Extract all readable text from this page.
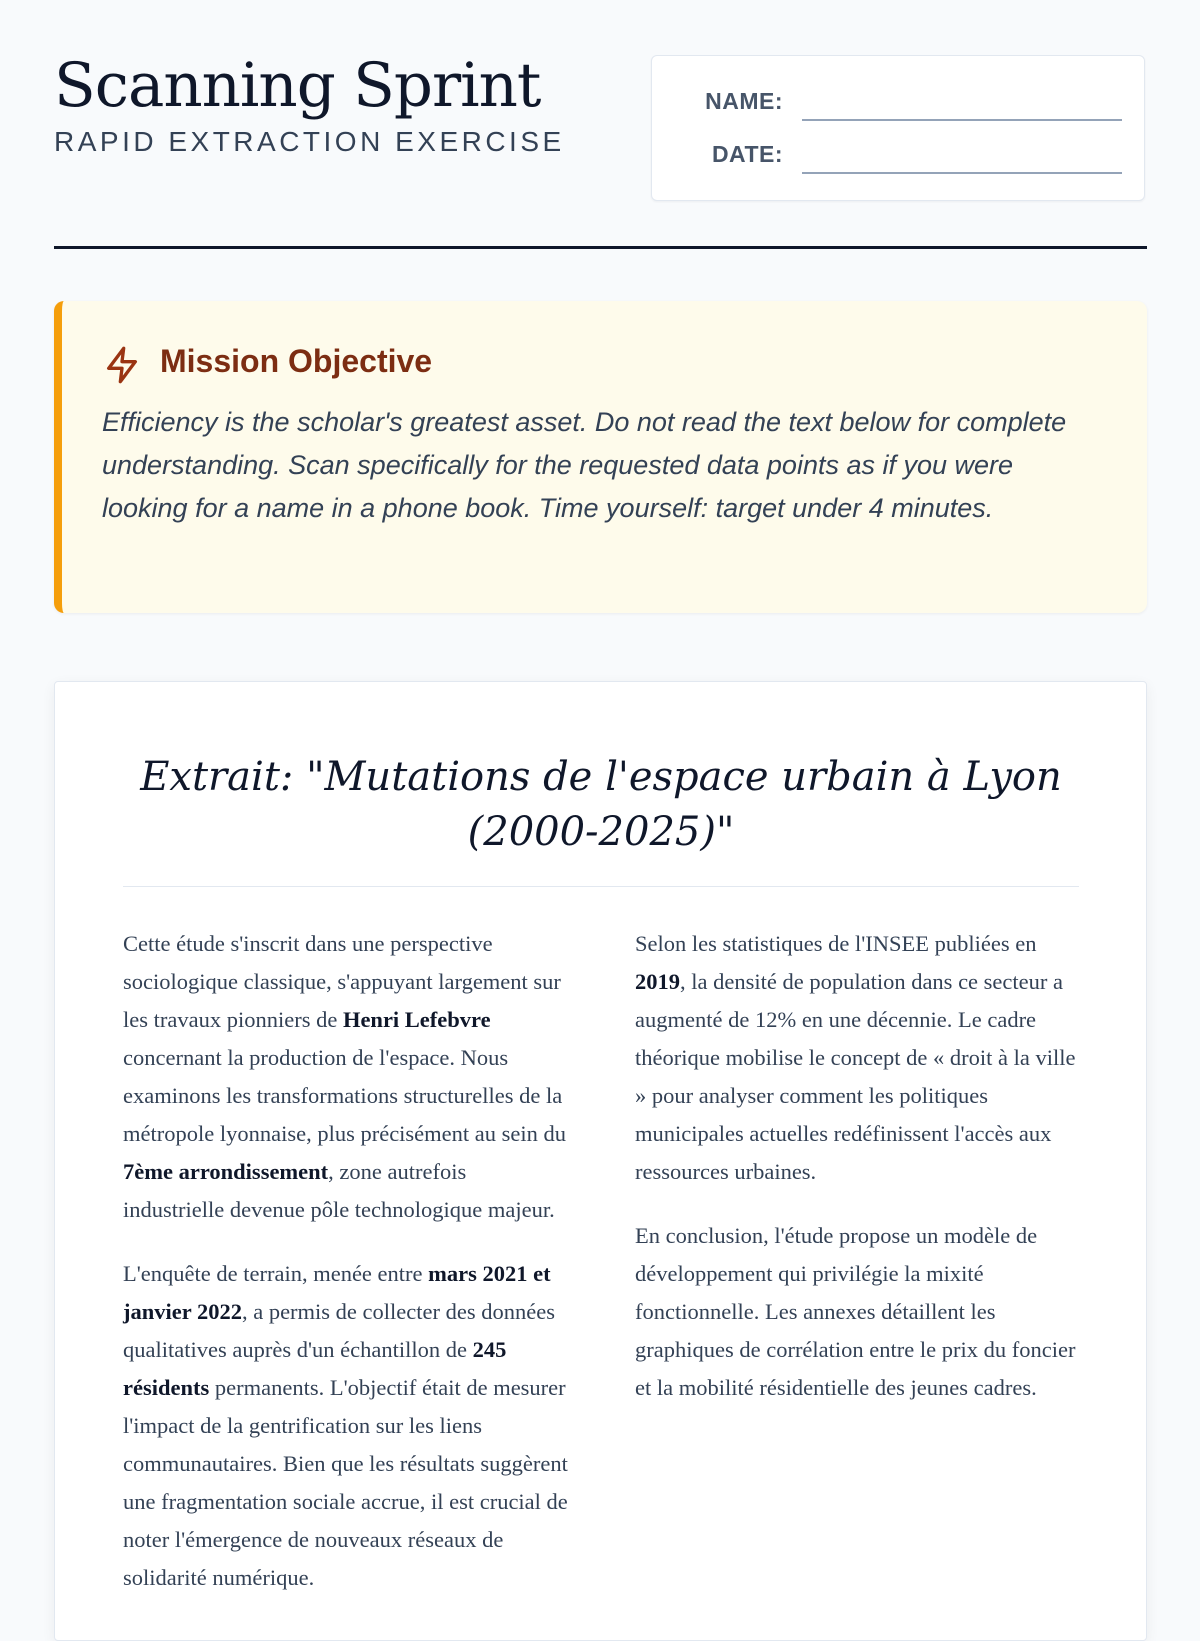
Scanning Sprint
RAPID EXTRACTION EXERCISE
NAME:
DATE:
Mission Objective

Efficiency is the scholar's greatest asset. Do not read the text below for complete understanding. Scan specifically for the requested data points as if you were looking for a name in a phone book. Time yourself: target under 4 minutes.

Extrait: "Mutations de l'espace urbain à Lyon (2000-2025)"

Cette étude s'inscrit dans une perspective sociologique classique, s'appuyant largement sur les travaux pionniers de Henri Lefebvre concernant la production de l'espace. Nous examinons les transformations structurelles de la métropole lyonnaise, plus précisément au sein du 7ème arrondissement, zone autrefois industrielle devenue pôle technologique majeur.

L'enquête de terrain, menée entre mars 2021 et janvier 2022, a permis de collecter des données qualitatives auprès d'un échantillon de 245 résidents permanents. L'objectif était de mesurer l'impact de la gentrification sur les liens communautaires. Bien que les résultats suggèrent une fragmentation sociale accrue, il est crucial de noter l'émergence de nouveaux réseaux de solidarité numérique.

Selon les statistiques de l'INSEE publiées en 2019, la densité de population dans ce secteur a augmenté de 12% en une décennie. Le cadre théorique mobilise le concept de « droit à la ville » pour analyser comment les politiques municipales actuelles redéfinissent l'accès aux ressources urbaines.

En conclusion, l'étude propose un modèle de développement qui privilégie la mixité fonctionnelle. Les annexes détaillent les graphiques de corrélation entre le prix du foncier et la mobilité résidentielle des jeunes cadres.
